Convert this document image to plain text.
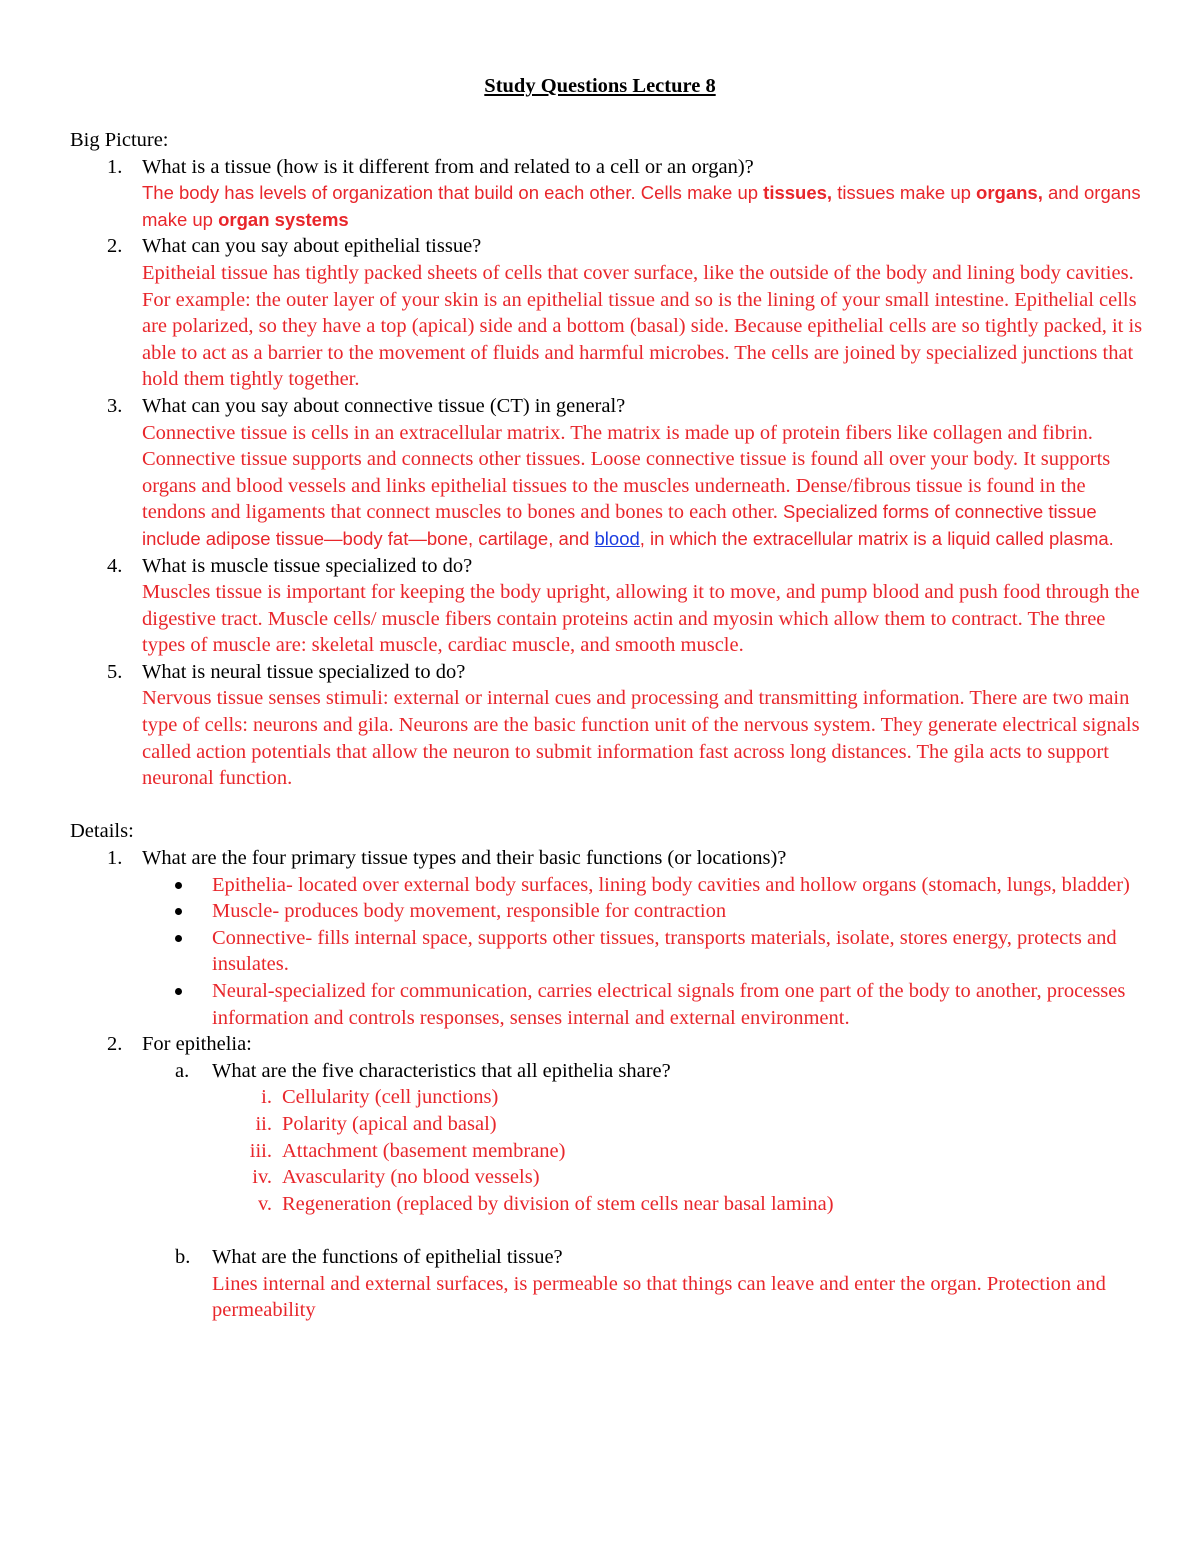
Study Questions Lecture 8

Big Picture:

1. What is a tissue (how is it different from and related to a cell or an organ)?
The body has levels of organization that build on each other. Cells make up tissues, tissues make up organs, and organs make up organ systems
2. What can you say about epithelial tissue?
Epitheial tissue has tightly packed sheets of cells that cover surface, like the outside of the body and lining body cavities. For example: the outer layer of your skin is an epithelial tissue and so is the lining of your small intestine. Epithelial cells are polarized, so they have a top (apical) side and a bottom (basal) side. Because epithelial cells are so tightly packed, it is able to act as a barrier to the movement of fluids and harmful microbes. The cells are joined by specialized junctions that hold them tightly together.
3. What can you say about connective tissue (CT) in general?
Connective tissue is cells in an extracellular matrix. The matrix is made up of protein fibers like collagen and fibrin. Connective tissue supports and connects other tissues. Loose connective tissue is found all over your body. It supports organs and blood vessels and links epithelial tissues to the muscles underneath. Dense/fibrous tissue is found in the tendons and ligaments that connect muscles to bones and bones to each other. Specialized forms of connective tissue include adipose tissue—body fat—bone, cartilage, and blood, in which the extracellular matrix is a liquid called plasma.
4. What is muscle tissue specialized to do?
Muscles tissue is important for keeping the body upright, allowing it to move, and pump blood and push food through the digestive tract. Muscle cells/ muscle fibers contain proteins actin and myosin which allow them to contract. The three types of muscle are: skeletal muscle, cardiac muscle, and smooth muscle.
5. What is neural tissue specialized to do?
Nervous tissue senses stimuli: external or internal cues and processing and transmitting information. There are two main type of cells: neurons and gila. Neurons are the basic function unit of the nervous system. They generate electrical signals called action potentials that allow the neuron to submit information fast across long distances. The gila acts to support neuronal function.

Details:

1. What are the four primary tissue types and their basic functions (or locations)?
Epithelia- located over external body surfaces, lining body cavities and hollow organs (stomach, lungs, bladder)
Muscle- produces body movement, responsible for contraction
Connective- fills internal space, supports other tissues, transports materials, isolate, stores energy, protects and insulates.
Neural-specialized for communication, carries electrical signals from one part of the body to another, processes information and controls responses, senses internal and external environment.
2. For epithelia:
a. What are the five characteristics that all epithelia share?
i. Cellularity (cell junctions)
ii. Polarity (apical and basal)
iii. Attachment (basement membrane)
iv. Avascularity (no blood vessels)
v. Regeneration (replaced by division of stem cells near basal lamina)
b. What are the functions of epithelial tissue?
Lines internal and external surfaces, is permeable so that things can leave and enter the organ. Protection and permeability
